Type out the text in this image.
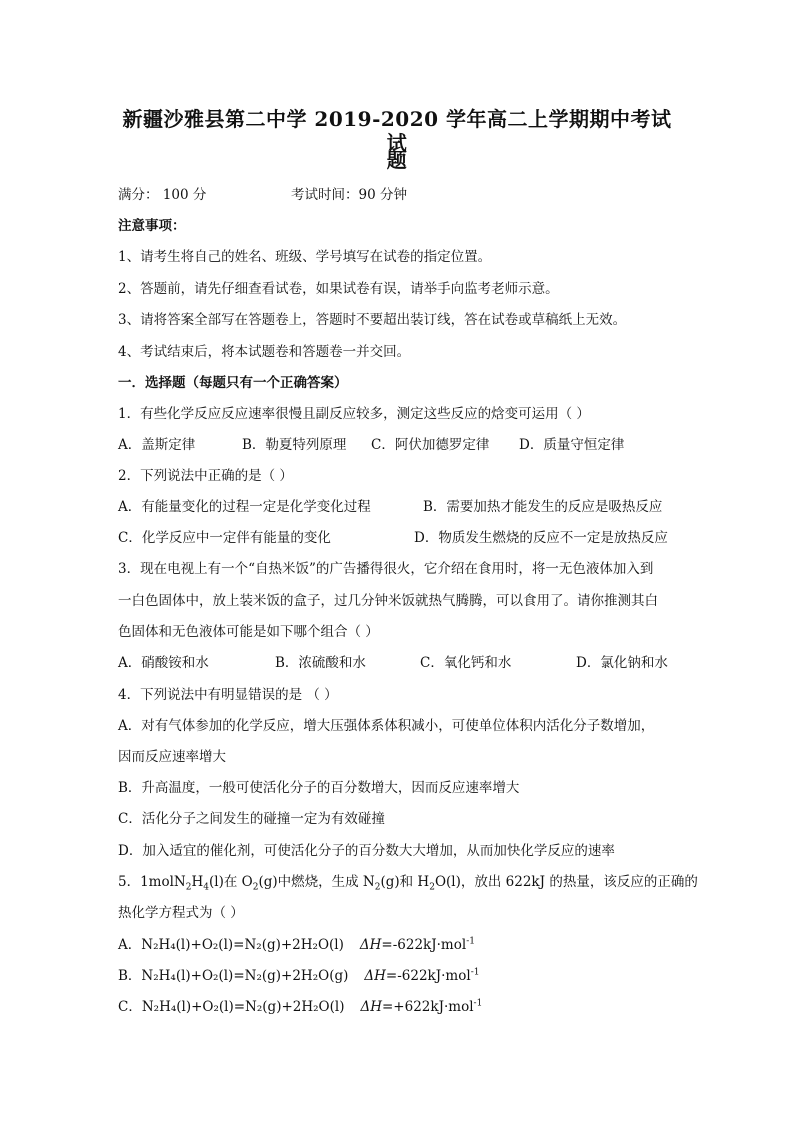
新疆沙雅县第二中学 2019-2020 学年高二上学期期中考试试
题
满分： 100 分	考试时间：90 分钟
注意事项：
1、请考生将自己的姓名、班级、学号填写在试卷的指定位置。
2、答题前，请先仔细查看试卷，如果试卷有误，请举手向监考老师示意。
3、请将答案全部写在答题卷上，答题时不要超出装订线，答在试卷或草稿纸上无效。
4、考试结束后，将本试题卷和答题卷一并交回。
一．选择题（每题只有一个正确答案）
1．有些化学反应反应速率很慢且副反应较多，测定这些反应的焓变可运用（ ）
A．盖斯定律	B．勒夏特列原理 C．阿伏加德罗定律 D．质量守恒定律
2．下列说法中正确的是（ ）
A．有能量变化的过程一定是化学变化过程	B．需要加热才能发生的反应是吸热反应
C．化学反应中一定伴有能量的变化	D．物质发生燃烧的反应不一定是放热反应
3．现在电视上有一个“自热米饭”的广告播得很火，它介绍在食用时，将一无色液体加入到
一白色固体中，放上装米饭的盒子，过几分钟米饭就热气腾腾，可以食用了。请你推测其白
色固体和无色液体可能是如下哪个组合（ ）
A．硝酸铵和水	B．浓硫酸和水	C．氧化钙和水	D．氯化钠和水
4．下列说法中有明显错误的是 （ ）
A．对有气体参加的化学反应，增大压强体系体积减小，可使单位体积内活化分子数增加，
因而反应速率增大
B．升高温度，一般可使活化分子的百分数增大，因而反应速率增大
C．活化分子之间发生的碰撞一定为有效碰撞
D．加入适宜的催化剂，可使活化分子的百分数大大增加，从而加快化学反应的速率
5．$1molN_2H_4(l)$在 $O_2(g)$中燃烧，生成 $N_2(g)$和 $H_2O(l)$，放出 622kJ 的热量，该反应的正确的
热化学方程式为（ ）
A．N₂H₄(l)+O₂(l)=N₂(g)+2H₂O(l) ΔH=-622kJ·mol$^{-1}$
B．N₂H₄(l)+O₂(l)=N₂(g)+2H₂O(g) ΔH=-622kJ·mol$^{-1}$
C．N₂H₄(l)+O₂(l)=N₂(g)+2H₂O(l) ΔH=+622kJ·mol$^{-1}$
